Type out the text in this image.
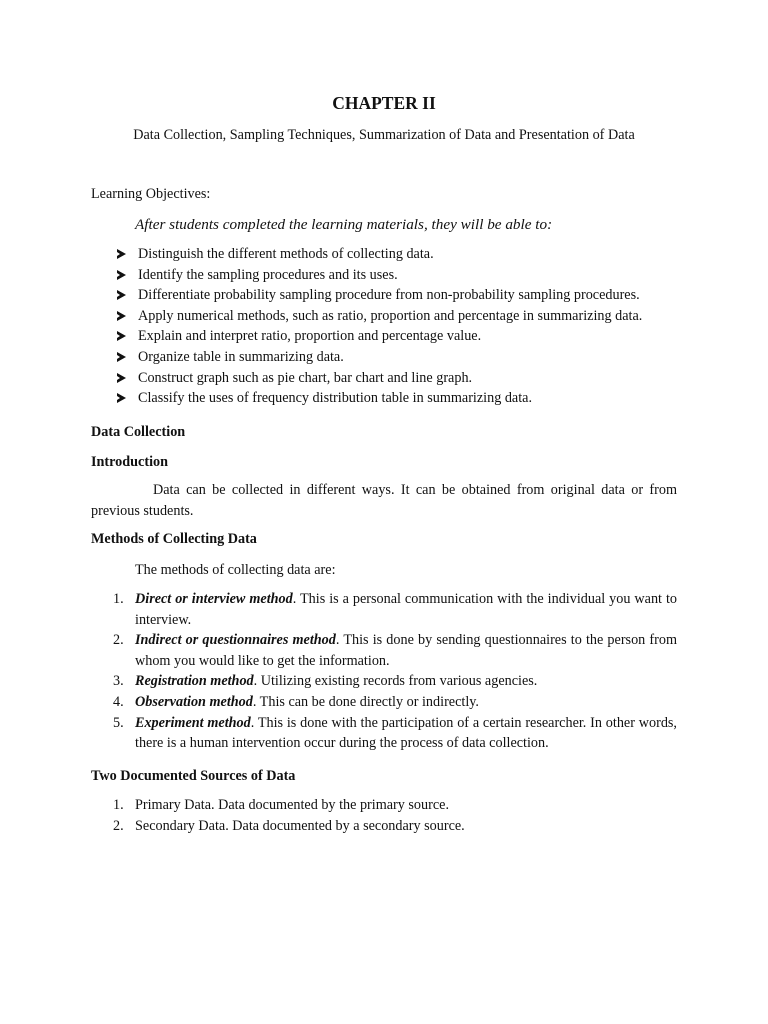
CHAPTER II
Data Collection, Sampling Techniques, Summarization of Data and Presentation of Data
Learning Objectives:
After students completed the learning materials, they will be able to:
Distinguish the different methods of collecting data.
Identify the sampling procedures and its uses.
Differentiate probability sampling procedure from non-probability sampling procedures.
Apply numerical methods, such as ratio, proportion and percentage in summarizing data.
Explain and interpret ratio, proportion and percentage value.
Organize table in summarizing data.
Construct graph such as pie chart, bar chart and line graph.
Classify the uses of frequency distribution table in summarizing data.
Data Collection
Introduction
Data can be collected in different ways. It can be obtained from original data or from previous students.
Methods of Collecting Data
The methods of collecting data are:
1. Direct or interview method. This is a personal communication with the individual you want to interview.
2. Indirect or questionnaires method. This is done by sending questionnaires to the person from whom you would like to get the information.
3. Registration method. Utilizing existing records from various agencies.
4. Observation method. This can be done directly or indirectly.
5. Experiment method. This is done with the participation of a certain researcher. In other words, there is a human intervention occur during the process of data collection.
Two Documented Sources of Data
1. Primary Data. Data documented by the primary source.
2. Secondary Data. Data documented by a secondary source.
